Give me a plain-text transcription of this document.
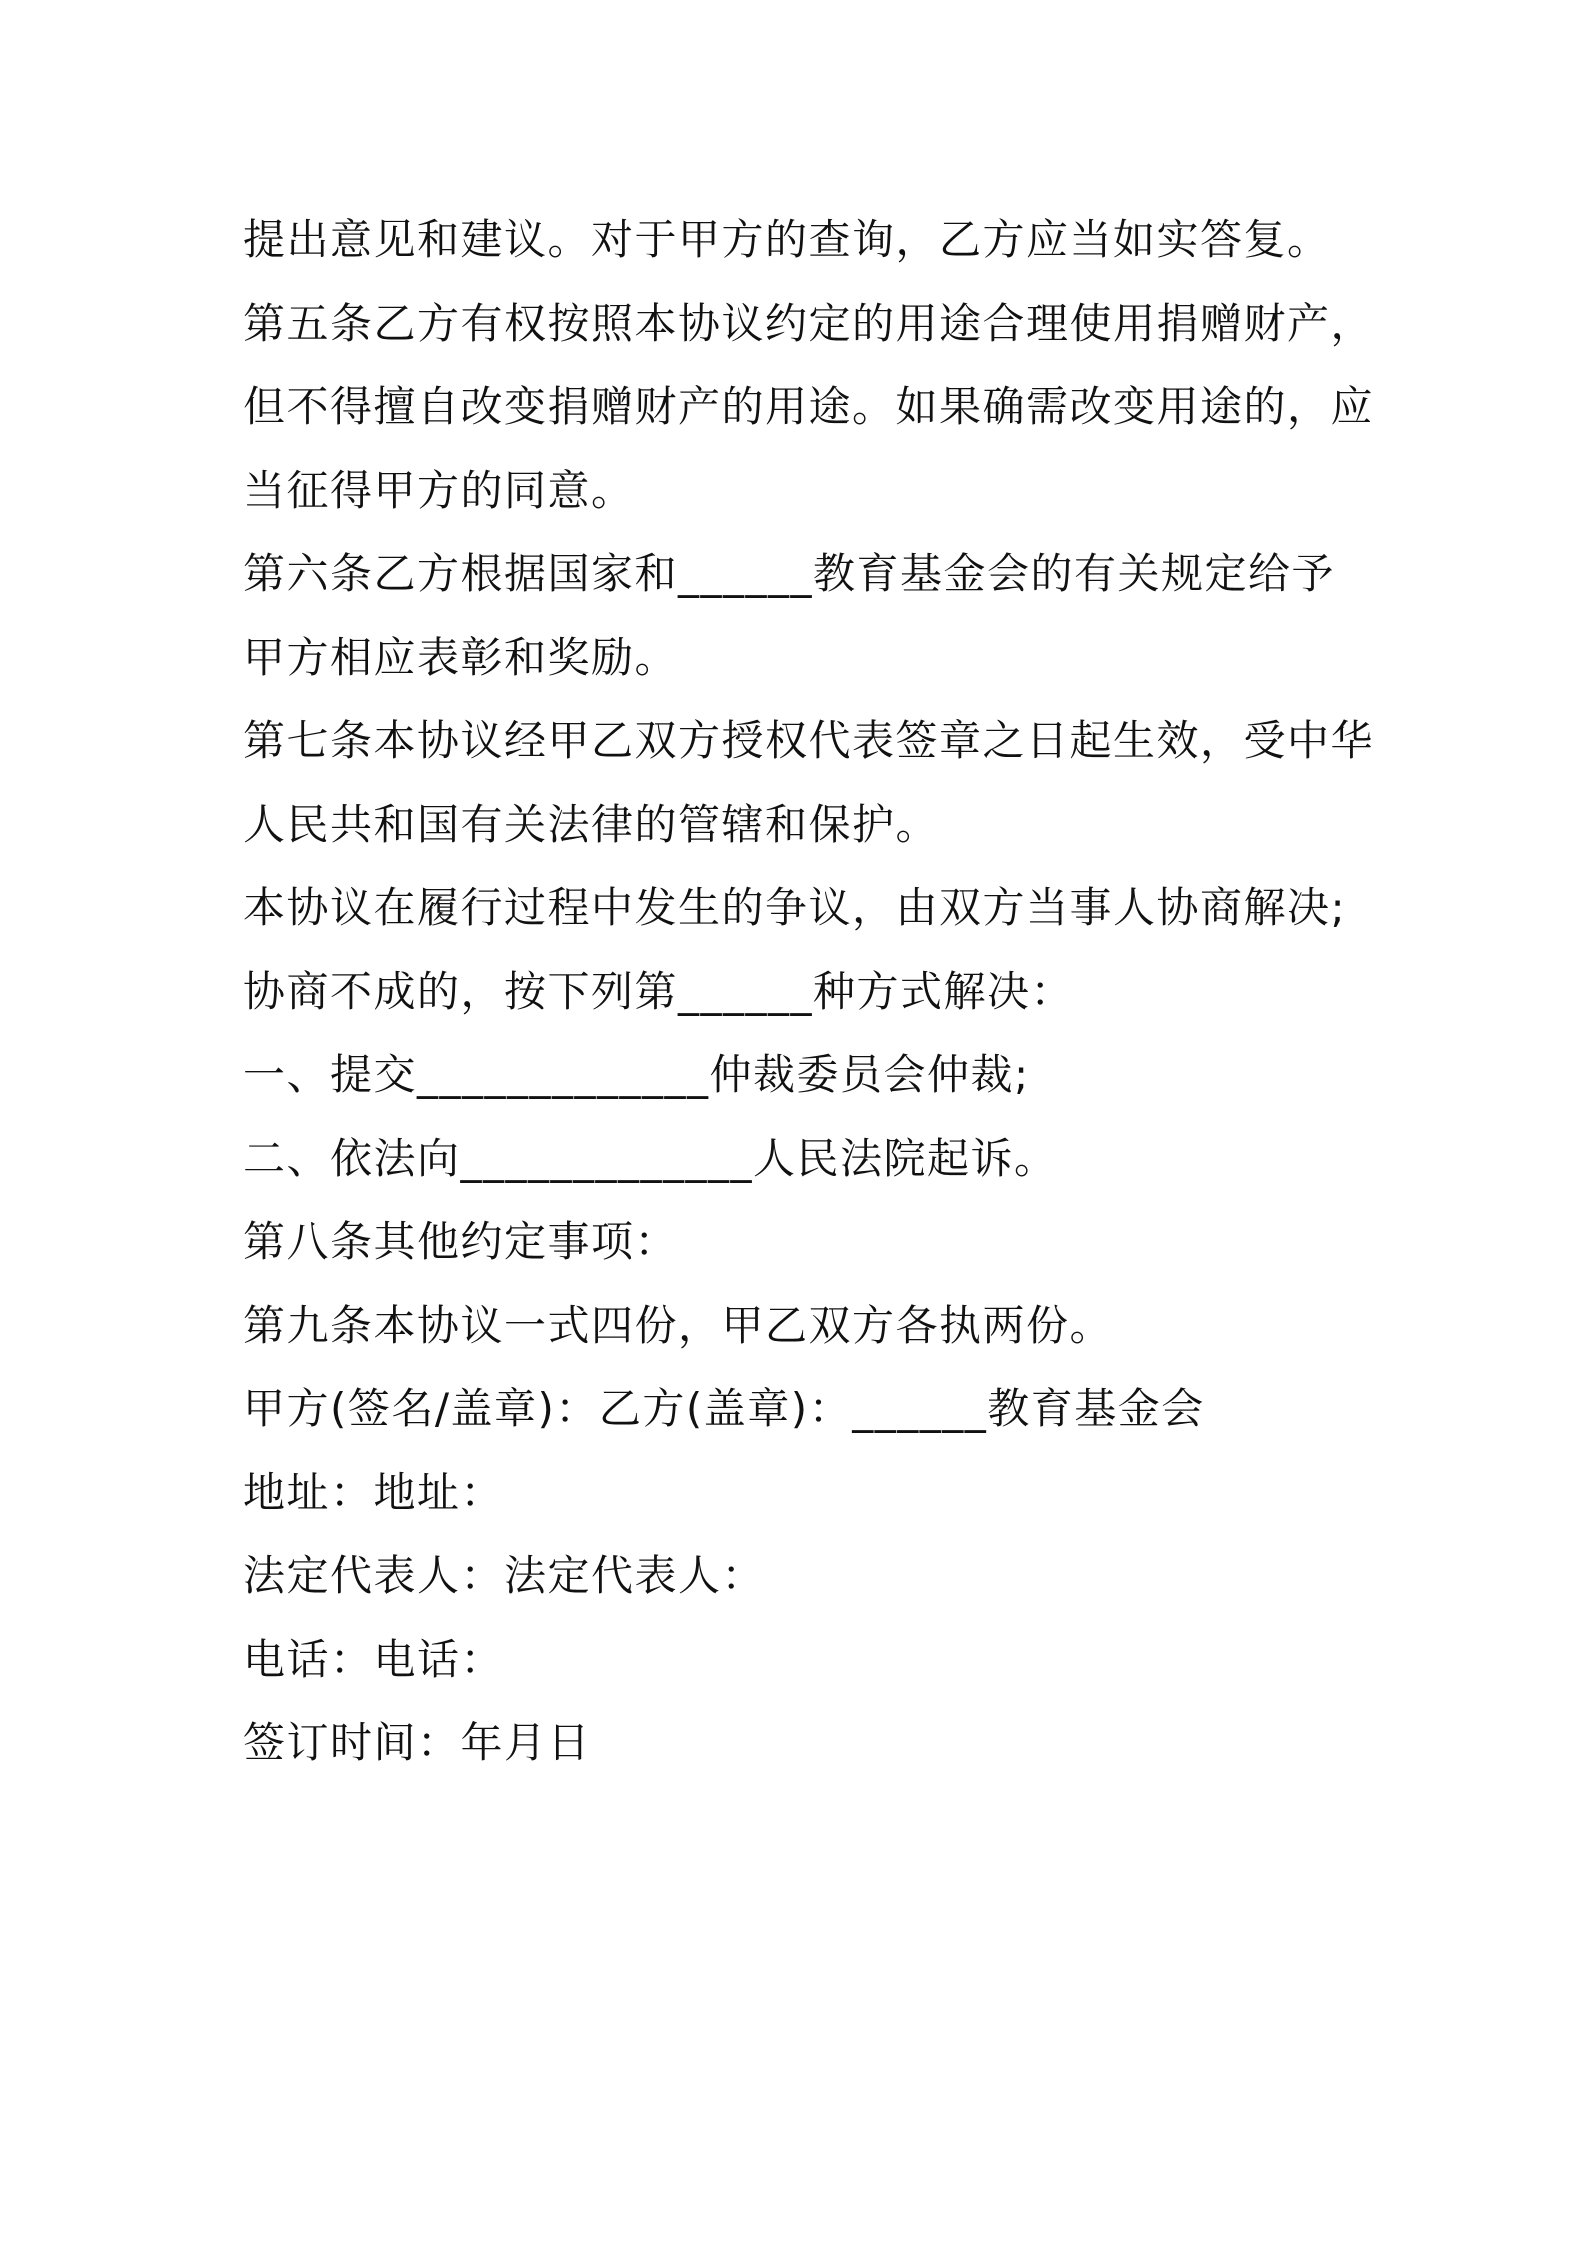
提出意见和建议。对于甲方的查询，乙方应当如实答复。
第五条乙方有权按照本协议约定的用途合理使用捐赠财产，
但不得擅自改变捐赠财产的用途。如果确需改变用途的，应
当征得甲方的同意。
第六条乙方根据国家和______教育基金会的有关规定给予
甲方相应表彰和奖励。
第七条本协议经甲乙双方授权代表签章之日起生效，受中华
人民共和国有关法律的管辖和保护。
本协议在履行过程中发生的争议，由双方当事人协商解决;
协商不成的，按下列第______种方式解决：
一、提交_____________仲裁委员会仲裁;
二、依法向_____________人民法院起诉。
第八条其他约定事项：
第九条本协议一式四份，甲乙双方各执两份。
甲方(签名/盖章)：乙方(盖章)：______教育基金会
地址：地址：
法定代表人：法定代表人：
电话：电话：
签订时间：年月日
